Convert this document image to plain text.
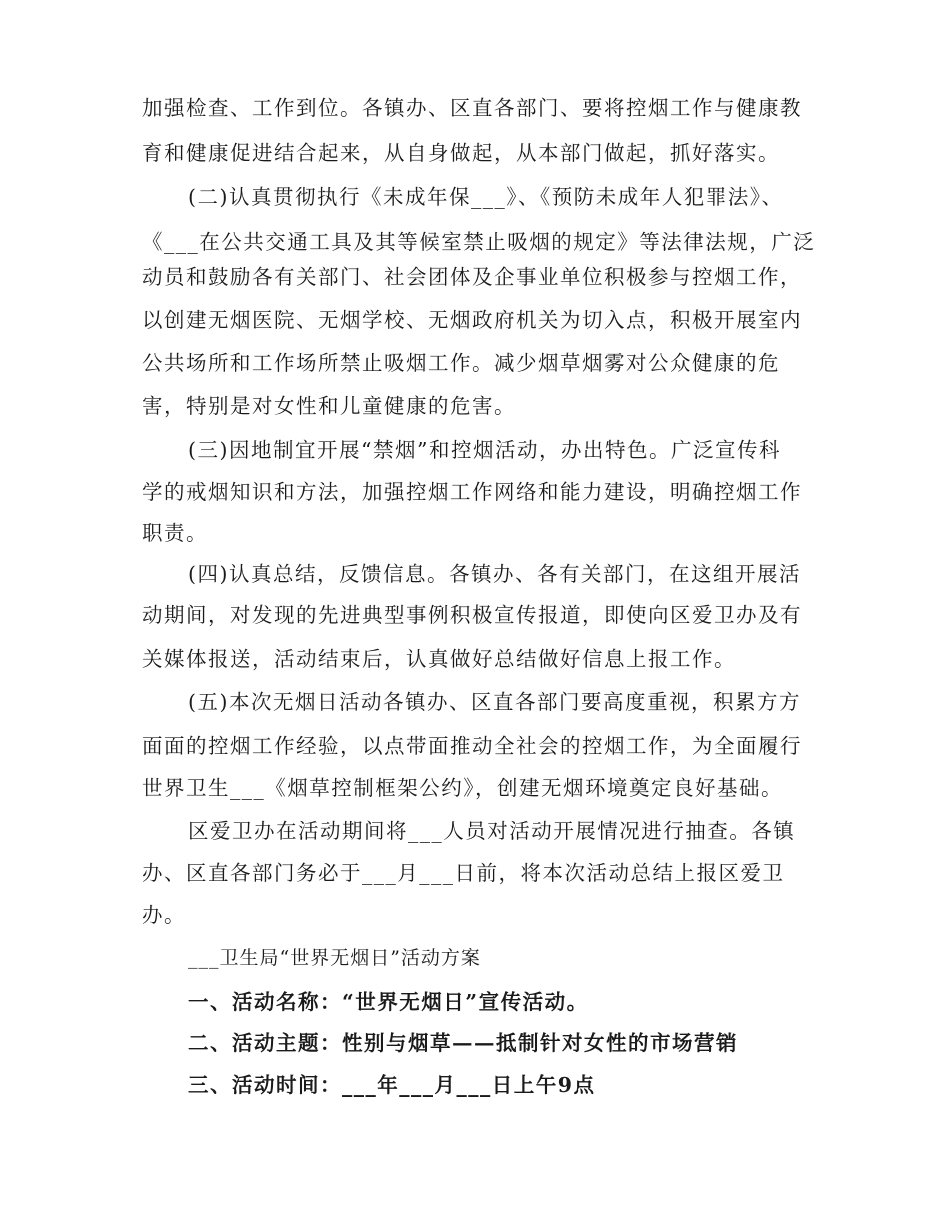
加强检查、工作到位。各镇办、区直各部门、要将控烟工作与健康教
育和健康促进结合起来，从自身做起，从本部门做起，抓好落实。
(二)认真贯彻执行《未成年保___》、《预防未成年人犯罪法》、
《___在公共交通工具及其等候室禁止吸烟的规定》等法律法规，广泛
动员和鼓励各有关部门、社会团体及企事业单位积极参与控烟工作，
以创建无烟医院、无烟学校、无烟政府机关为切入点，积极开展室内
公共场所和工作场所禁止吸烟工作。减少烟草烟雾对公众健康的危
害，特别是对女性和儿童健康的危害。
(三)因地制宜开展“禁烟”和控烟活动，办出特色。广泛宣传科
学的戒烟知识和方法，加强控烟工作网络和能力建设，明确控烟工作
职责。
(四)认真总结，反馈信息。各镇办、各有关部门，在这组开展活
动期间，对发现的先进典型事例积极宣传报道，即使向区爱卫办及有
关媒体报送，活动结束后，认真做好总结做好信息上报工作。
(五)本次无烟日活动各镇办、区直各部门要高度重视，积累方方
面面的控烟工作经验，以点带面推动全社会的控烟工作，为全面履行
世界卫生___《烟草控制框架公约》，创建无烟环境奠定良好基础。
区爱卫办在活动期间将___人员对活动开展情况进行抽查。各镇
办、区直各部门务必于___月___日前，将本次活动总结上报区爱卫
办。
___卫生局“世界无烟日”活动方案
一、活动名称：“世界无烟日”宣传活动。
二、活动主题：性别与烟草——抵制针对女性的市场营销
三、活动时间：___年___月___日上午9点
